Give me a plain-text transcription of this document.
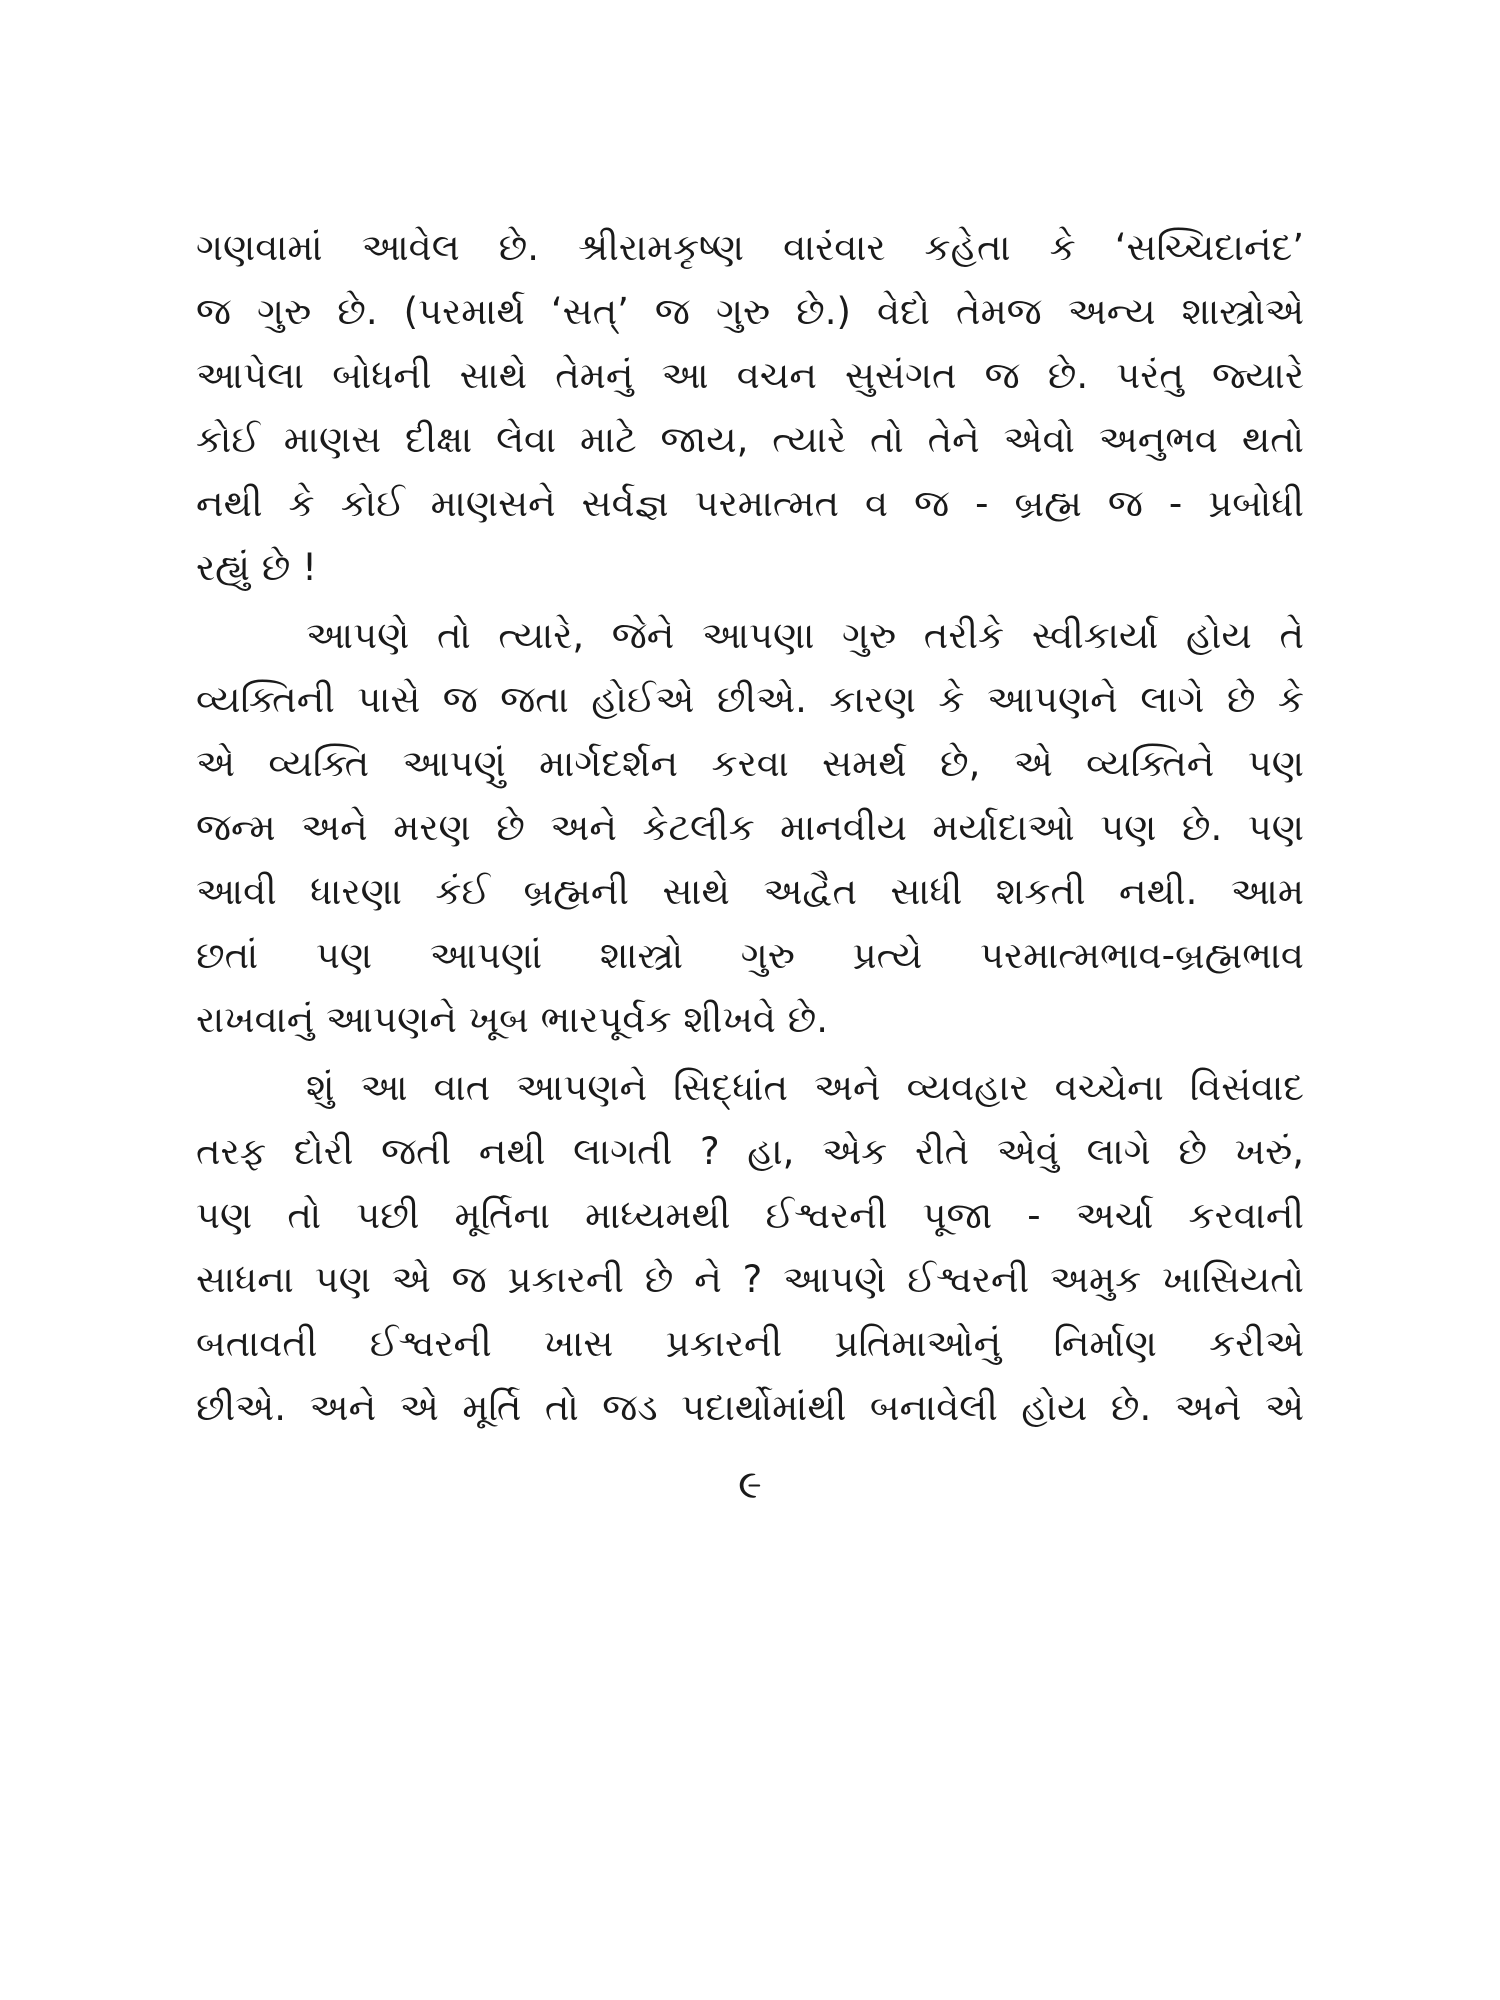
ગણવામાં આવેલ છે. શ્રીરામકૃષ્ણ વારંવાર કહેતા કે ‘સચ્ચિદાનંદ’
જ ગુરુ છે. (પરમાર્થ ‘સત્’ જ ગુરુ છે.) વેદો તેમજ અન્ય શાસ્ત્રોએ
આપેલા બોધની સાથે તેમનું આ વચન સુસંગત જ છે. પરંતુ જ્યારે
કોઈ માણસ દીક્ષા લેવા માટે જાય, ત્યારે તો તેને એવો અનુભવ થતો
નથી કે કોઈ માણસને સર્વજ્ઞ પરમાત્મત વ જ - બ્રહ્મ જ - પ્રબોધી
રહ્યું છે !
આપણે તો ત્યારે, જેને આપણા ગુરુ તરીકે સ્વીકાર્યા હોય તે
વ્યક્તિની પાસે જ જતા હોઈએ છીએ. કારણ કે આપણને લાગે છે કે
એ વ્યક્તિ આપણું માર્ગદર્શન કરવા સમર્થ છે, એ વ્યક્તિને પણ
જન્મ અને મરણ છે અને કેટલીક માનવીય મર્યાદાઓ પણ છે. પણ
આવી ધારણા કંઈ બ્રહ્મની સાથે અદ્વૈત સાધી શકતી નથી. આમ
છતાં પણ આપણાં શાસ્ત્રો ગુરુ પ્રત્યે પરમાત્મભાવ-બ્રહ્મભાવ
રાખવાનું આપણને ખૂબ ભારપૂર્વક શીખવે છે.
શું આ વાત આપણને સિદ્ધાંત અને વ્યવહાર વચ્ચેના વિસંવાદ
તરફ દોરી જતી નથી લાગતી ? હા, એક રીતે એવું લાગે છે ખરું,
પણ તો પછી મૂર્તિના માધ્યમથી ઈશ્વરની પૂજા - અર્ચા કરવાની
સાધના પણ એ જ પ્રકારની છે ને ? આપણે ઈશ્વરની અમુક ખાસિયતો
બતાવતી ઈશ્વરની ખાસ પ્રકારની પ્રતિમાઓનું નિર્માણ કરીએ
છીએ. અને એ મૂર્તિ તો જડ પદાર્થોમાંથી બનાવેલી હોય છે. અને એ
૯
